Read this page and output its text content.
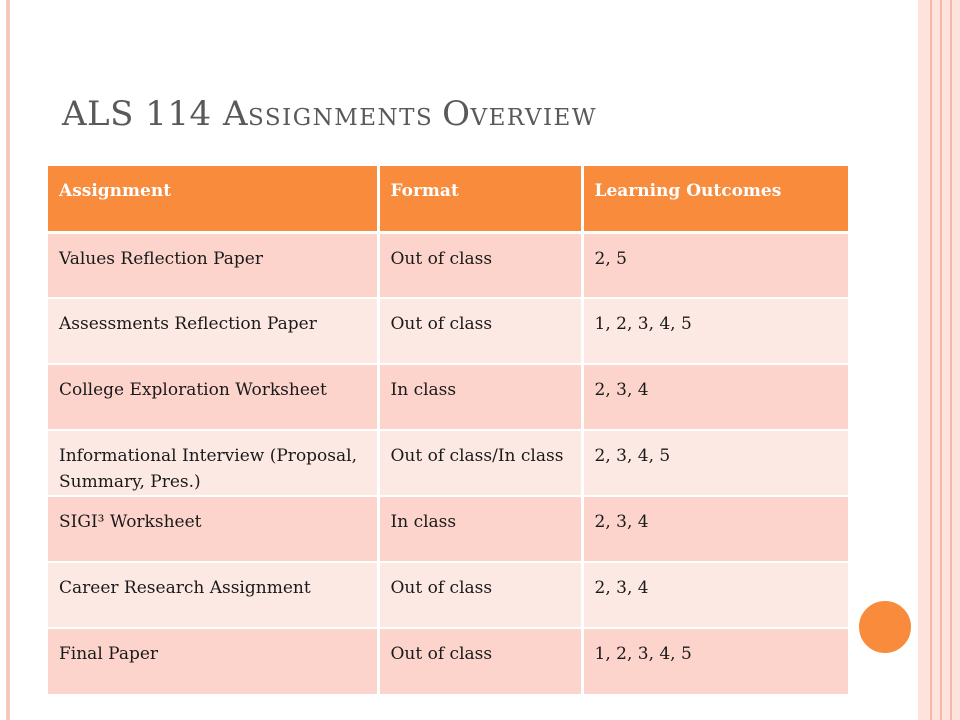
ALS 114 ASSIGNMENTS OVERVIEW
Assignment	Format	Learning Outcomes
Values Reflection Paper	Out of class	2, 5
Assessments Reflection Paper	Out of class	1, 2, 3, 4, 5
College Exploration Worksheet	In class	2, 3, 4
Informational Interview (Proposal, Summary, Pres.)	Out of class/In class	2, 3, 4, 5
SIGI³ Worksheet	In class	2, 3, 4
Career Research Assignment	Out of class	2, 3, 4
Final Paper	Out of class	1, 2, 3, 4, 5
